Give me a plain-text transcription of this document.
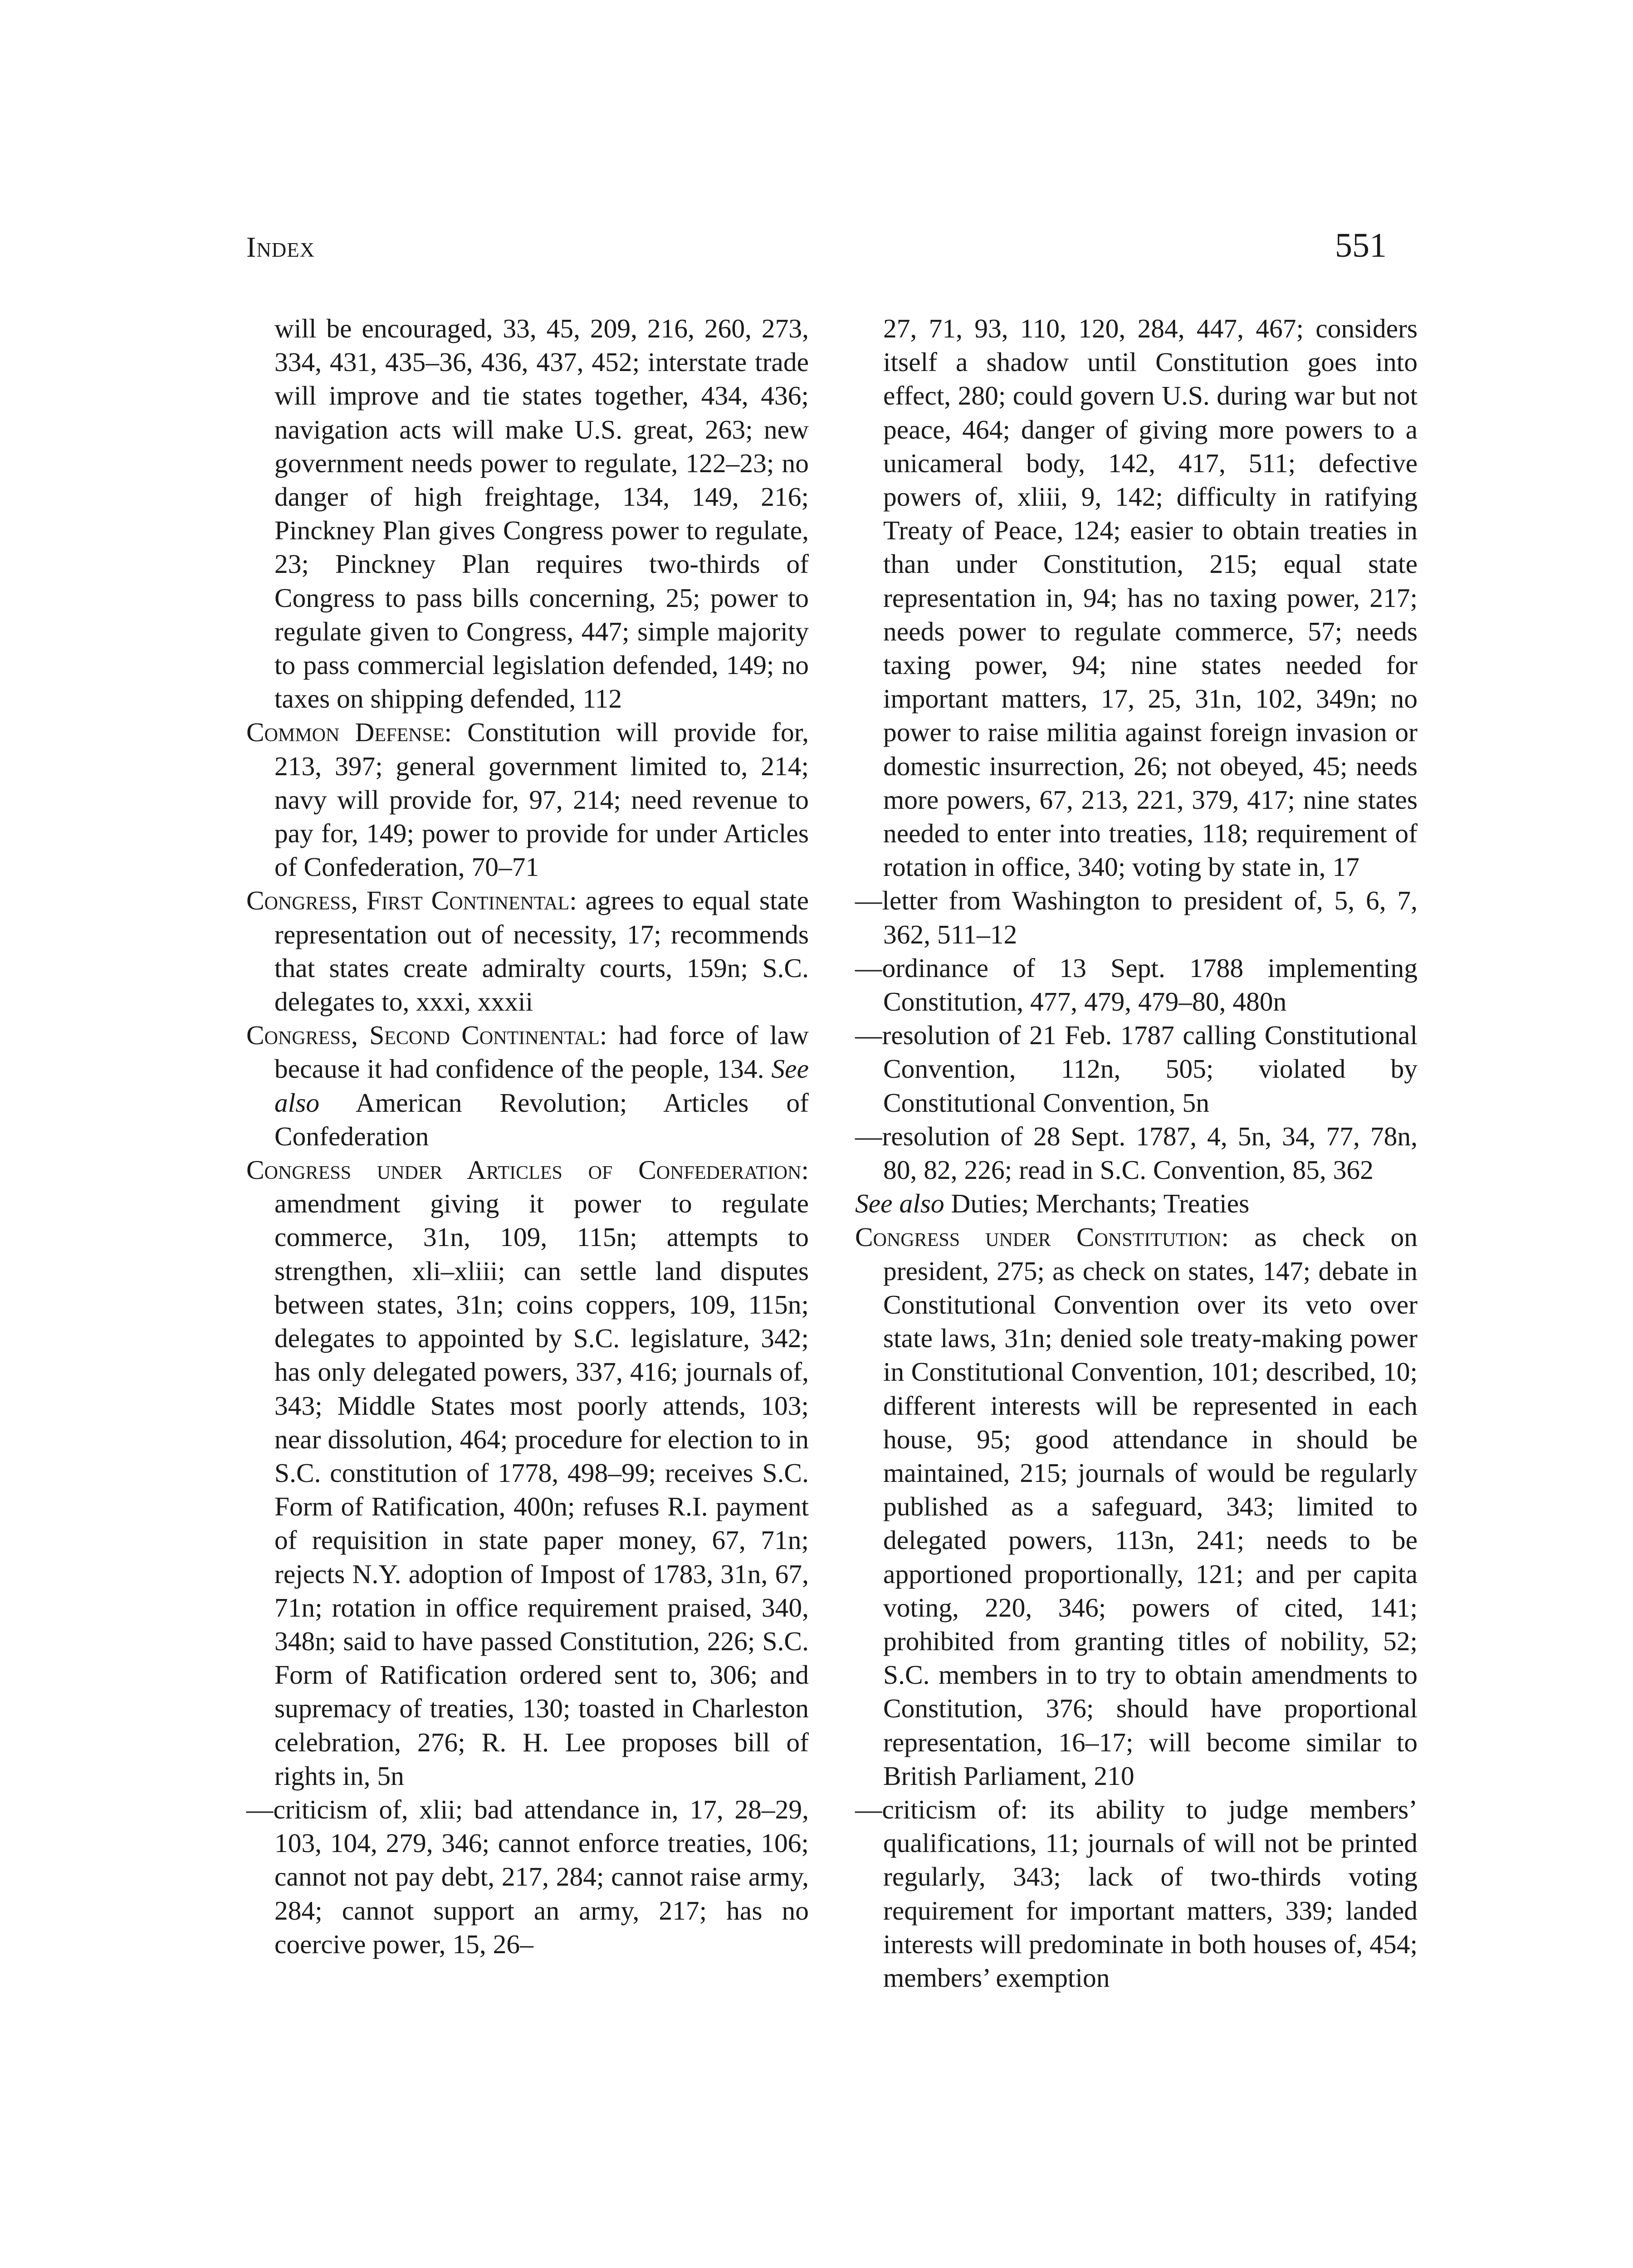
Index	551

will be encouraged, 33, 45, 209, 216, 260, 273, 334, 431, 435–36, 436, 437, 452; interstate trade will improve and tie states together, 434, 436; navigation acts will make U.S. great, 263; new government needs power to regulate, 122–23; no danger of high freightage, 134, 149, 216; Pinckney Plan gives Congress power to regulate, 23; Pinckney Plan requires two-thirds of Congress to pass bills concerning, 25; power to regulate given to Congress, 447; simple majority to pass commercial legislation defended, 149; no taxes on shipping defended, 112

Common Defense: Constitution will provide for, 213, 397; general government limited to, 214; navy will provide for, 97, 214; need revenue to pay for, 149; power to provide for under Articles of Confederation, 70–71

Congress, First Continental: agrees to equal state representation out of necessity, 17; recommends that states create admiralty courts, 159n; S.C. delegates to, xxxi, xxxii

Congress, Second Continental: had force of law because it had confidence of the people, 134. See also American Revolution; Articles of Confederation

Congress under Articles of Confederation: amendment giving it power to regulate commerce, 31n, 109, 115n; attempts to strengthen, xli–xliii; can settle land disputes between states, 31n; coins coppers, 109, 115n; delegates to appointed by S.C. legislature, 342; has only delegated powers, 337, 416; journals of, 343; Middle States most poorly attends, 103; near dissolution, 464; procedure for election to in S.C. constitution of 1778, 498–99; receives S.C. Form of Ratification, 400n; refuses R.I. payment of requisition in state paper money, 67, 71n; rejects N.Y. adoption of Impost of 1783, 31n, 67, 71n; rotation in office requirement praised, 340, 348n; said to have passed Constitution, 226; S.C. Form of Ratification ordered sent to, 306; and supremacy of treaties, 130; toasted in Charleston celebration, 276; R. H. Lee proposes bill of rights in, 5n

—criticism of, xlii; bad attendance in, 17, 28–29, 103, 104, 279, 346; cannot enforce treaties, 106; cannot not pay debt, 217, 284; cannot raise army, 284; cannot support an army, 217; has no coercive power, 15, 26–

27, 71, 93, 110, 120, 284, 447, 467; considers itself a shadow until Constitution goes into effect, 280; could govern U.S. during war but not peace, 464; danger of giving more powers to a unicameral body, 142, 417, 511; defective powers of, xliii, 9, 142; difficulty in ratifying Treaty of Peace, 124; easier to obtain treaties in than under Constitution, 215; equal state representation in, 94; has no taxing power, 217; needs power to regulate commerce, 57; needs taxing power, 94; nine states needed for important matters, 17, 25, 31n, 102, 349n; no power to raise militia against foreign invasion or domestic insurrection, 26; not obeyed, 45; needs more powers, 67, 213, 221, 379, 417; nine states needed to enter into treaties, 118; requirement of rotation in office, 340; voting by state in, 17

—letter from Washington to president of, 5, 6, 7, 362, 511–12

—ordinance of 13 Sept. 1788 implementing Constitution, 477, 479, 479–80, 480n

—resolution of 21 Feb. 1787 calling Constitutional Convention, 112n, 505; violated by Constitutional Convention, 5n

—resolution of 28 Sept. 1787, 4, 5n, 34, 77, 78n, 80, 82, 226; read in S.C. Convention, 85, 362

See also Duties; Merchants; Treaties

Congress under Constitution: as check on president, 275; as check on states, 147; debate in Constitutional Convention over its veto over state laws, 31n; denied sole treaty-making power in Constitutional Convention, 101; described, 10; different interests will be represented in each house, 95; good attendance in should be maintained, 215; journals of would be regularly published as a safeguard, 343; limited to delegated powers, 113n, 241; needs to be apportioned proportionally, 121; and per capita voting, 220, 346; powers of cited, 141; prohibited from granting titles of nobility, 52; S.C. members in to try to obtain amendments to Constitution, 376; should have proportional representation, 16–17; will become similar to British Parliament, 210

—criticism of: its ability to judge members’ qualifications, 11; journals of will not be printed regularly, 343; lack of two-thirds voting requirement for important matters, 339; landed interests will predominate in both houses of, 454; members’ exemption
